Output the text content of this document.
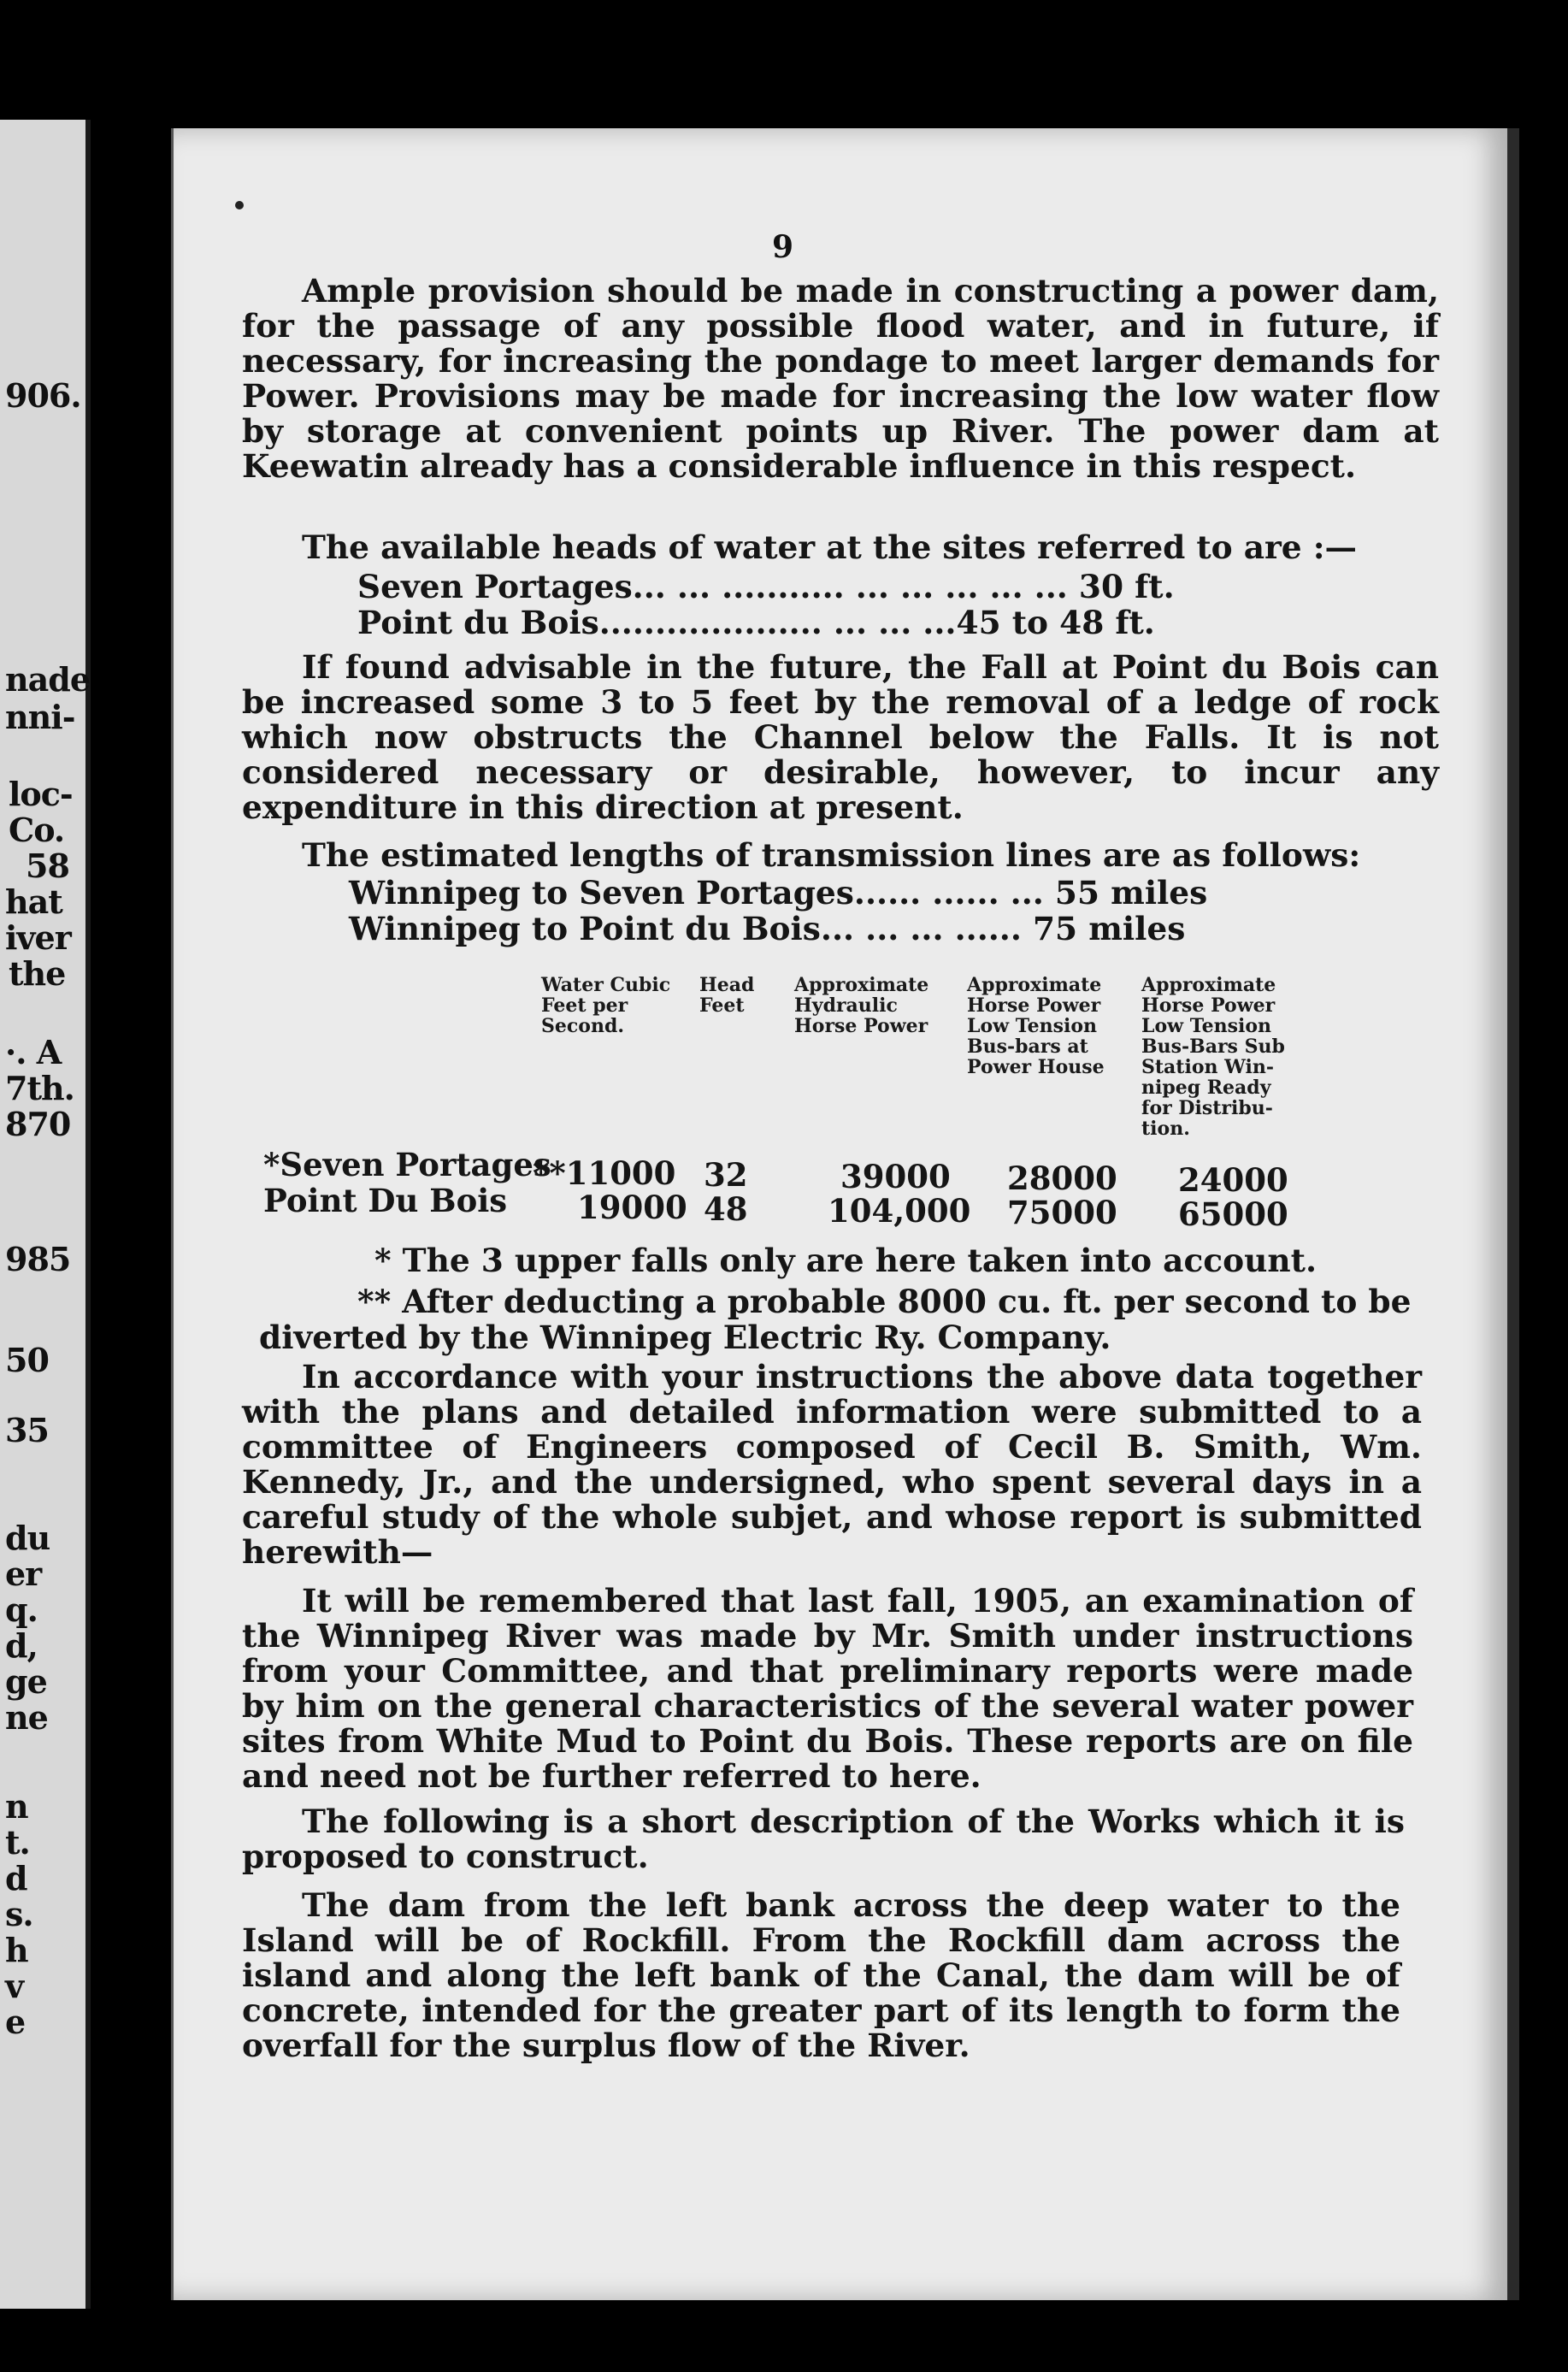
906.
nade
nni-
loc-
Co.
58
hat
iver
the
·. A
7th.
870
985
50
35
du
er
q.
d,
ge
ne
n
t.
d
s.
h
v
e
9
Ample provision should be made in constructing a power dam, for the passage of any possible flood water, and in future, if necessary, for increasing the pondage to meet larger demands for Power. Provisions may be made for increasing the low water flow by storage at convenient points up River. The power dam at Keewatin already has a considerable influence in this respect.
The available heads of water at the sites referred to are :—
Seven Portages... ... ........... ... ... ... ... ... 30 ft.
Point du Bois.................... ... ... ...45 to 48 ft.
If found advisable in the future, the Fall at Point du Bois can be increased some 3 to 5 feet by the removal of a ledge of rock which now obstructs the Channel below the Falls. It is not considered necessary or desirable, however, to incur any expenditure in this direction at present.
The estimated lengths of transmission lines are as follows:
Winnipeg to Seven Portages...... ...... ... 55 miles
Winnipeg to Point du Bois... ... ... ...... 75 miles
Water Cubic
Feet per
Second.
Head
Feet
Approximate
Hydraulic
Horse Power
Approximate
Horse Power
Low Tension
Bus-bars at
Power House
Approximate
Horse Power
Low Tension
Bus-Bars Sub
Station Win-
nipeg Ready
for Distribu-
tion.
*Seven Portages
**11000 32	39000 28000 24000
Point Du Bois 19000 48	104,000 75000 65000
* The 3 upper falls only are here taken into account.
** After deducting a probable 8000 cu. ft. per second to be
diverted by the Winnipeg Electric Ry. Company.
In accordance with your instructions the above data together with the plans and detailed information were submitted to a committee of Engineers composed of Cecil B. Smith, Wm. Kennedy, Jr., and the undersigned, who spent several days in a careful study of the whole subjet, and whose report is submitted herewith—
It will be remembered that last fall, 1905, an examination of the Winnipeg River was made by Mr. Smith under instructions from your Committee, and that preliminary reports were made by him on the general characteristics of the several water power sites from White Mud to Point du Bois. These reports are on file and need not be further referred to here.
The following is a short description of the Works which it is proposed to construct.
The dam from the left bank across the deep water to the Island will be of Rockfill. From the Rockfill dam across the island and along the left bank of the Canal, the dam will be of concrete, intended for the greater part of its length to form the overfall for the surplus flow of the River.
